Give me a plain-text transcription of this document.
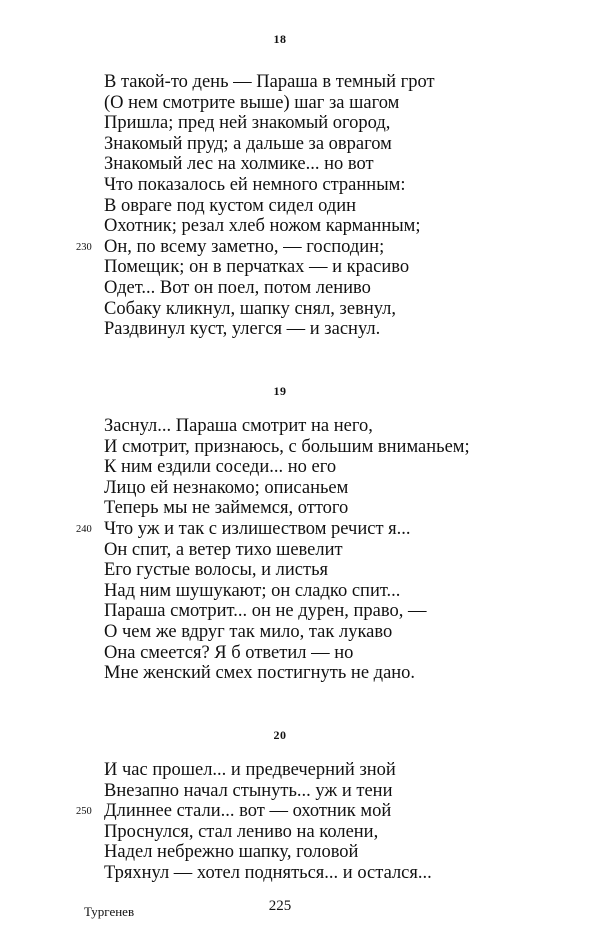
18
В такой-то день — Параша в темный грот
(О нем смотрите выше) шаг за шагом
Пришла; пред ней знакомый огород,
Знакомый пруд; а дальше за оврагом
Знакомый лес на холмике... но вот
Что показалось ей немного странным:
В овраге под кустом сидел один
Охотник; резал хлеб ножом карманным;
230 Он, по всему заметно, — господин;
Помещик; он в перчатках — и красиво
Одет... Вот он поел, потом лениво
Собаку кликнул, шапку снял, зевнул,
Раздвинул куст, улегся — и заснул.
19
Заснул... Параша смотрит на него,
И смотрит, признаюсь, с большим вниманьем;
К ним ездили соседи... но его
Лицо ей незнакомо; описаньем
Теперь мы не займемся, оттого
240 Что уж и так с излишеством речист я...
Он спит, а ветер тихо шевелит
Его густые волосы, и листья
Над ним шушукают; он сладко спит...
Параша смотрит... он не дурен, право, —
О чем же вдруг так мило, так лукаво
Она смеется? Я б ответил — но
Мне женский смех постигнуть не дано.
20
И час прошел... и предвечерний зной
Внезапно начал стынуть... уж и тени
250 Длиннее стали... вот — охотник мой
Проснулся, стал лениво на колени,
Надел небрежно шапку, головой
Тряхнул — хотел подняться... и остался...
Тургенев	225
